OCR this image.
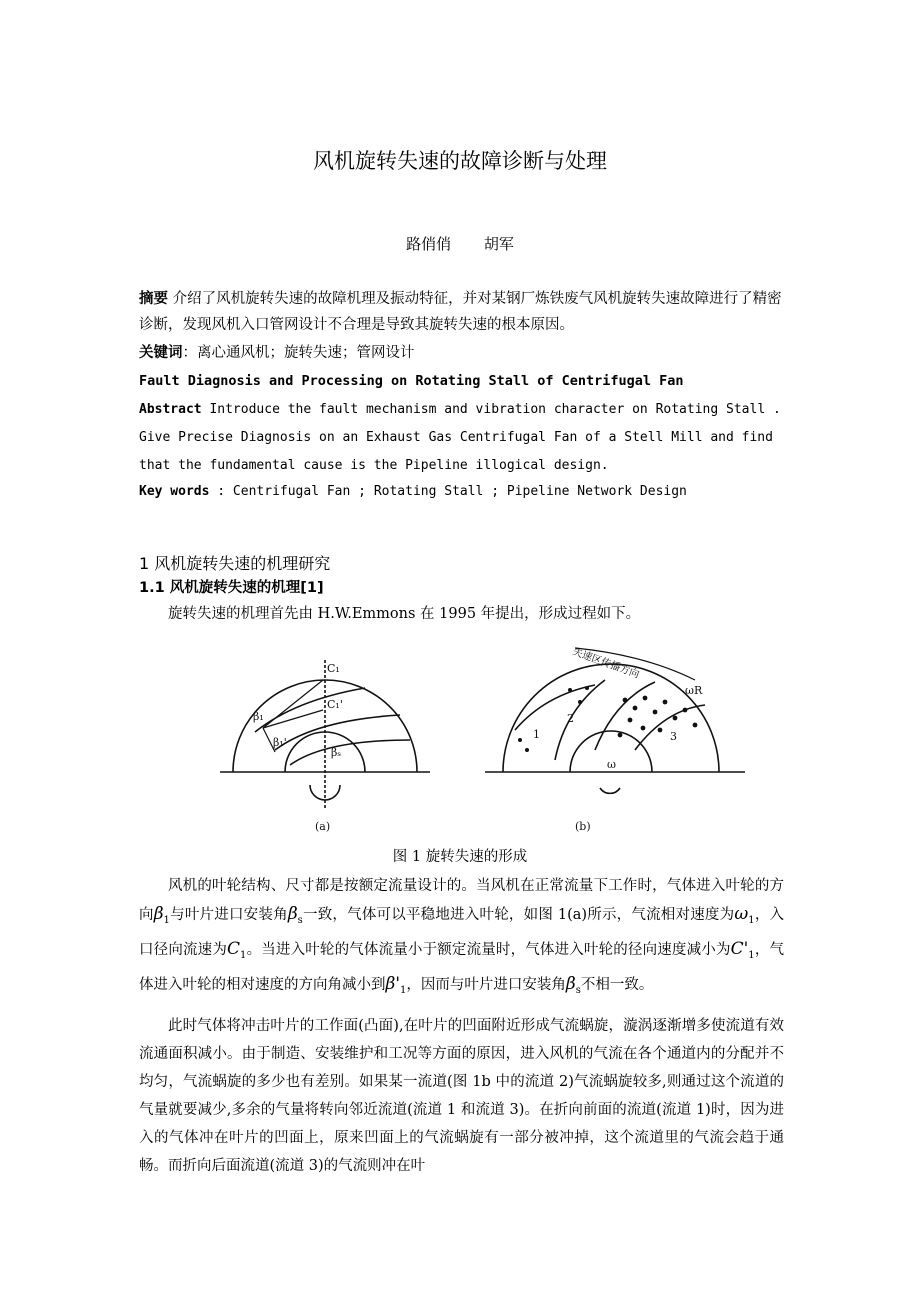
风机旋转失速的故障诊断与处理
路俏俏 胡军
摘要 介绍了风机旋转失速的故障机理及振动特征，并对某钢厂炼铁废气风机旋转失速故障进行了精密诊断，发现风机入口管网设计不合理是导致其旋转失速的根本原因。
关键词：离心通风机；旋转失速；管网设计
Fault Diagnosis and Processing on Rotating Stall of Centrifugal Fan
Abstract Introduce the fault mechanism and vibration character on Rotating Stall . Give Precise Diagnosis on an Exhaust Gas Centrifugal Fan of a Stell Mill and find that the fundamental cause is the Pipeline illogical design.
Key words : Centrifugal Fan ; Rotating Stall ; Pipeline Network Design
1 风机旋转失速的机理研究
1.1 风机旋转失速的机理[1]
旋转失速的机理首先由 H.W.Emmons 在 1995 年提出，形成过程如下。
C₁
C₁'
β₁
β₁'
βₛ
(a)
失速区传播方向
ωR
1
2
3
ω
(b)
图 1 旋转失速的形成
风机的叶轮结构、尺寸都是按额定流量设计的。当风机在正常流量下工作时，气体进入叶轮的方向$\beta_1$与叶片进口安装角$\beta_s$一致，气体可以平稳地进入叶轮，如图 1(a)所示，气流相对速度为$\omega_1$，入口径向流速为$C_1$。当进入叶轮的气体流量小于额定流量时，气体进入叶轮的径向速度减小为$C'_1$，气体进入叶轮的相对速度的方向角减小到$\beta'_1$，因而与叶片进口安装角$\beta_s$不相一致。
此时气体将冲击叶片的工作面(凸面),在叶片的凹面附近形成气流蜗旋，漩涡逐渐增多使流道有效流通面积减小。由于制造、安装维护和工况等方面的原因，进入风机的气流在各个通道内的分配并不均匀，气流蜗旋的多少也有差别。如果某一流道(图 1b 中的流道 2)气流蜗旋较多,则通过这个流道的气量就要减少,多余的气量将转向邻近流道(流道 1 和流道 3)。在折向前面的流道(流道 1)时，因为进入的气体冲在叶片的凹面上，原来凹面上的气流蜗旋有一部分被冲掉，这个流道里的气流会趋于通畅。而折向后面流道(流道 3)的气流则冲在叶
